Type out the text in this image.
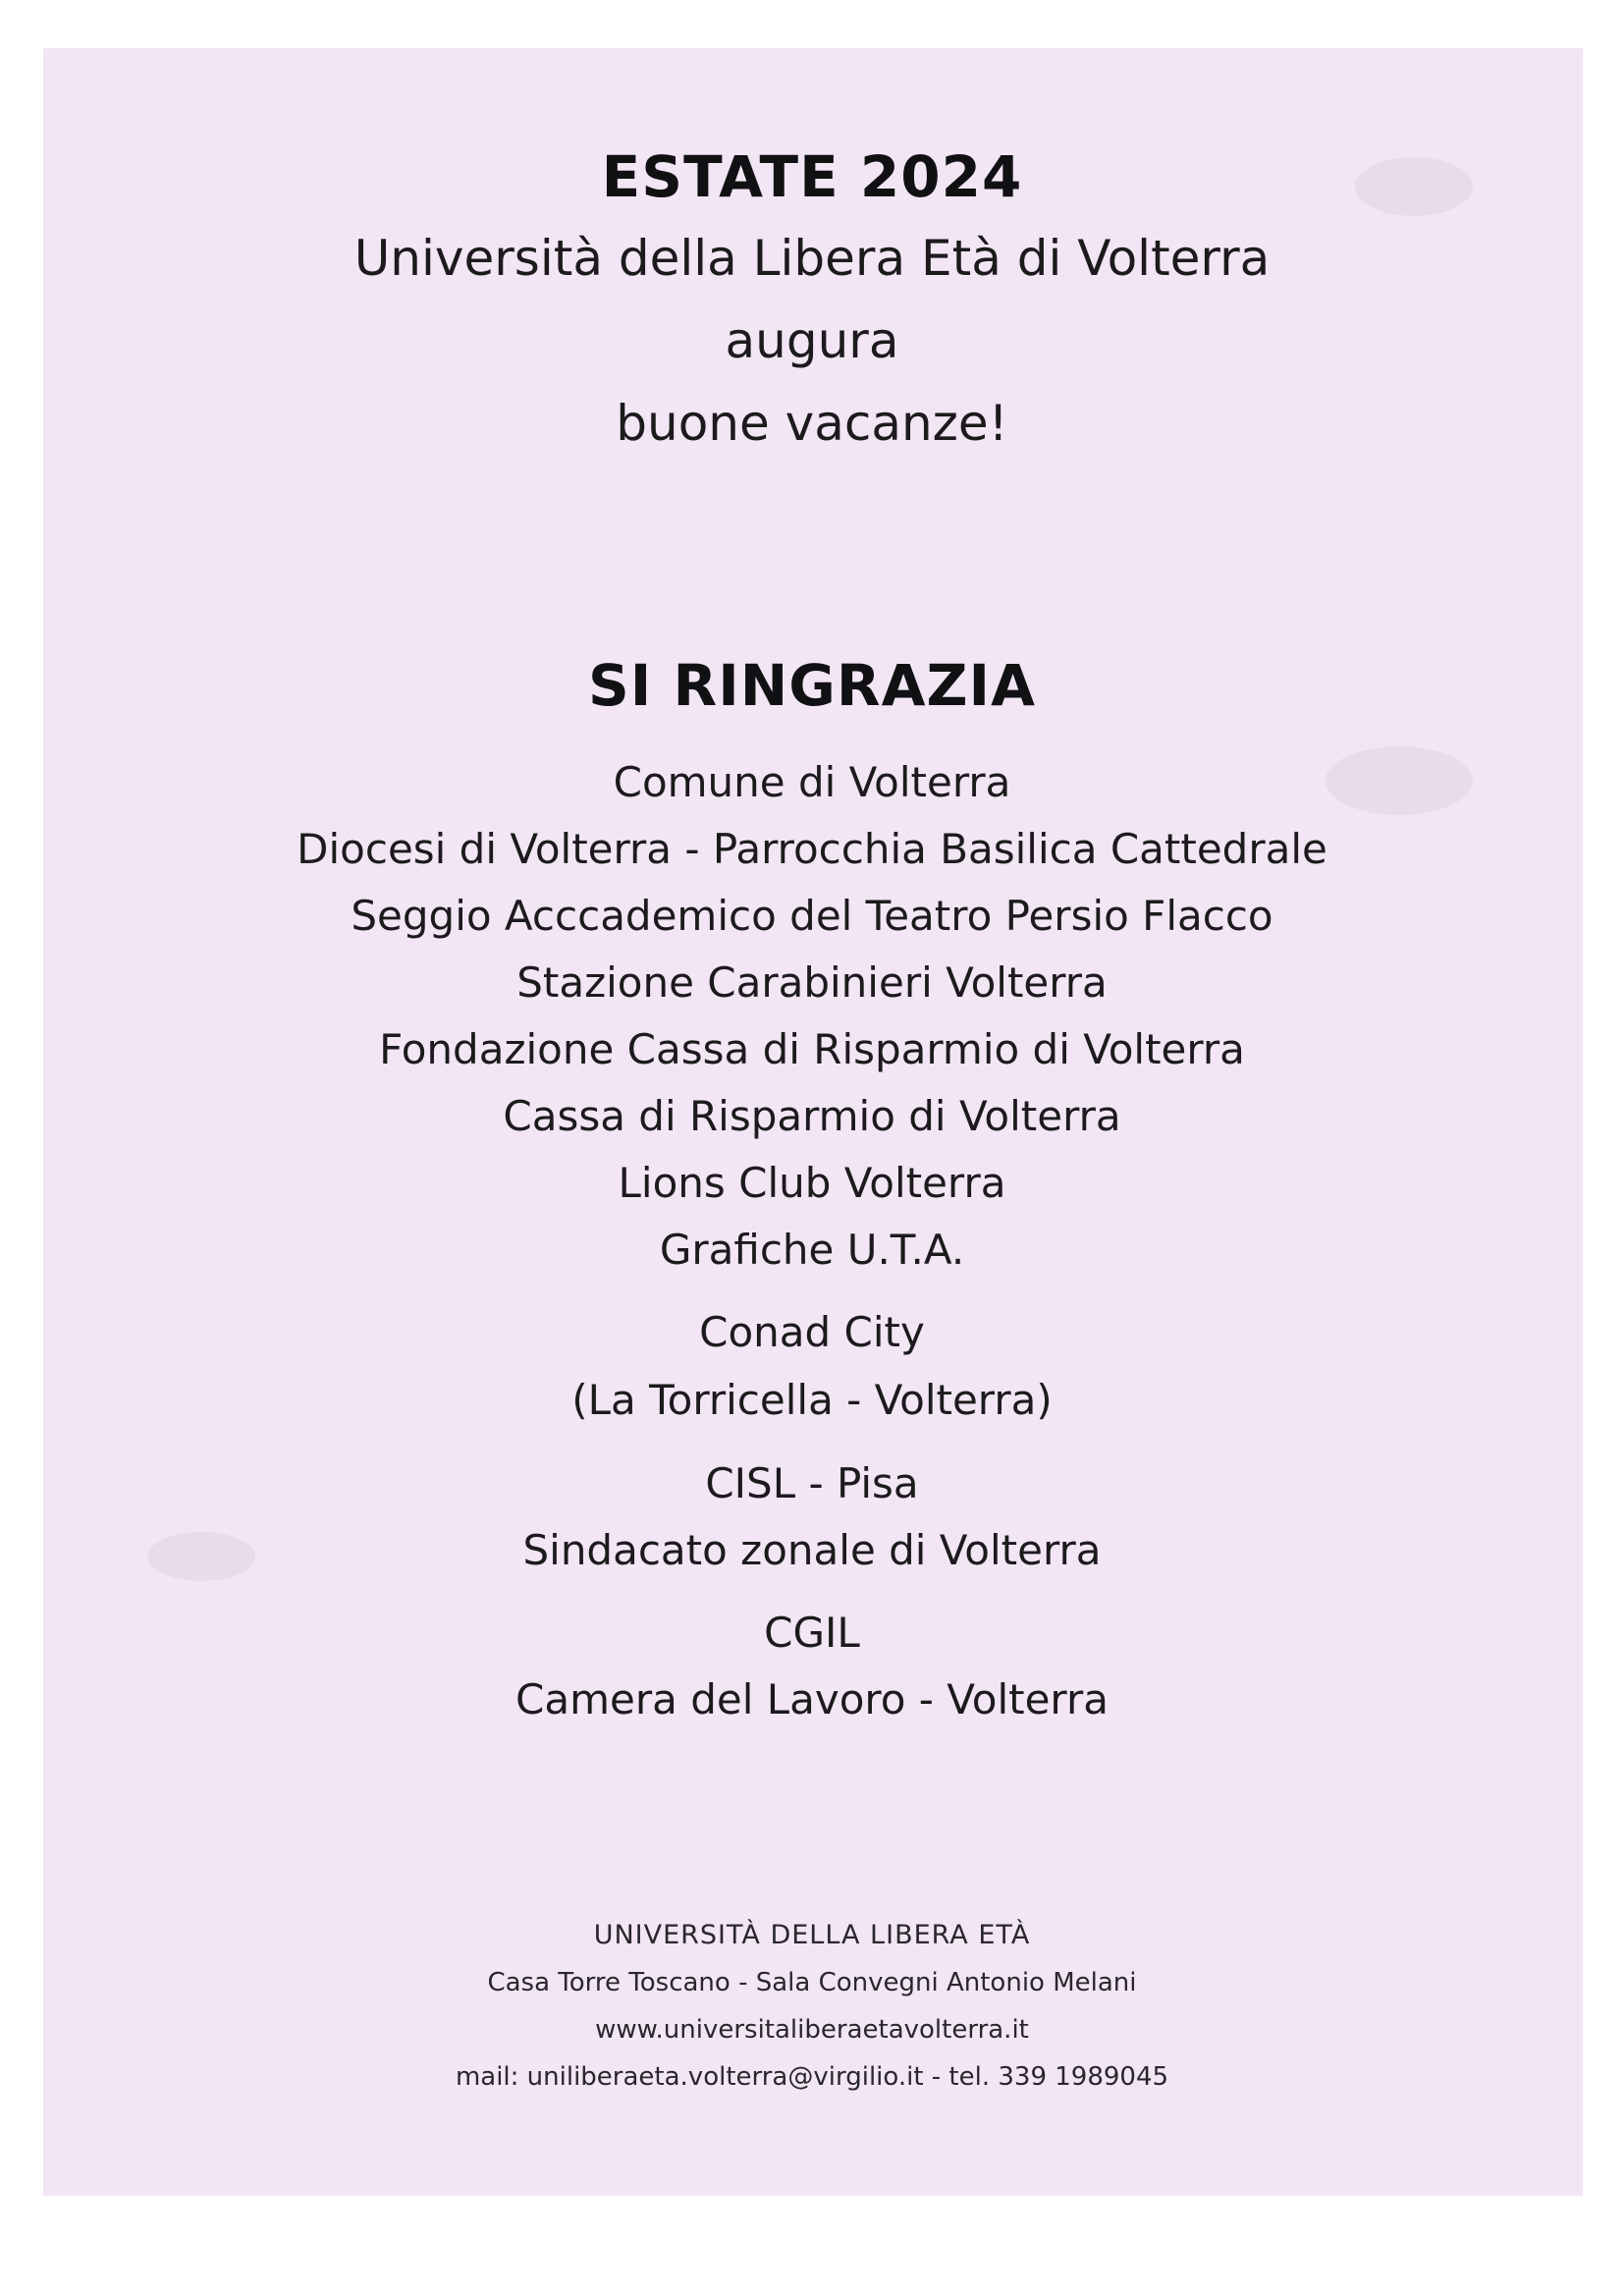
ESTATE 2024
Università della Libera Età di Volterra
augura
buone vacanze!
SI RINGRAZIA
Comune di Volterra
Diocesi di Volterra - Parrocchia Basilica Cattedrale
Seggio Acccademico del Teatro Persio Flacco
Stazione Carabinieri Volterra
Fondazione Cassa di Risparmio di Volterra
Cassa di Risparmio di Volterra
Lions Club Volterra
Grafiche U.T.A.
Conad City
(La Torricella - Volterra)
CISL - Pisa
Sindacato zonale di Volterra
CGIL
Camera del Lavoro - Volterra
UNIVERSITÀ DELLA LIBERA ETÀ
Casa Torre Toscano - Sala Convegni Antonio Melani
www.universitaliberaetavolterra.it
mail: uniliberaeta.volterra@virgilio.it - tel. 339 1989045
